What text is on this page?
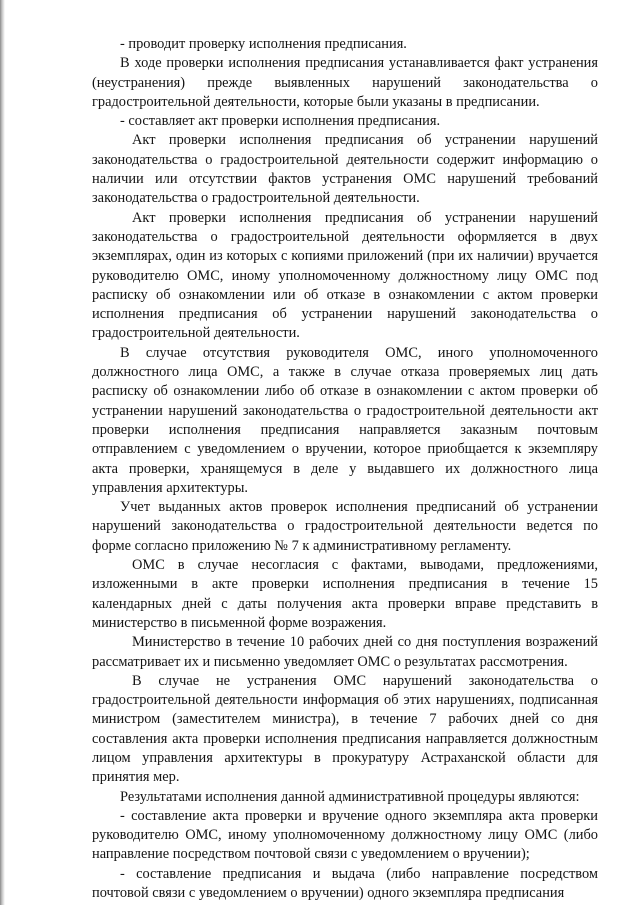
- проводит проверку исполнения предписания.

В ходе проверки исполнения предписания устанавливается факт устранения (неустранения) прежде выявленных нарушений законодательства о градостроительной деятельности, которые были указаны в предписании.

- составляет акт проверки исполнения предписания.

Акт проверки исполнения предписания об устранении нарушений законодательства о градостроительной деятельности содержит информацию о наличии или отсутствии фактов устранения ОМС нарушений требований законодательства о градостроительной деятельности.

Акт проверки исполнения предписания об устранении нарушений законодательства о градостроительной деятельности оформляется в двух экземплярах, один из которых с копиями приложений (при их наличии) вручается руководителю ОМС, иному уполномоченному должностному лицу ОМС под расписку об ознакомлении или об отказе в ознакомлении с актом проверки исполнения предписания об устранении нарушений законодательства о градостроительной деятельности.

В случае отсутствия руководителя ОМС, иного уполномоченного должностного лица ОМС, а также в случае отказа проверяемых лиц дать расписку об ознакомлении либо об отказе в ознакомлении с актом проверки об устранении нарушений законодательства о градостроительной деятельности акт проверки исполнения предписания направляется заказным почтовым отправлением с уведомлением о вручении, которое приобщается к экземпляру акта проверки, хранящемуся в деле у выдавшего их должностного лица управления архитектуры.

Учет выданных актов проверок исполнения предписаний об устранении нарушений законодательства о градостроительной деятельности ведется по форме согласно приложению № 7 к административному регламенту.

ОМС в случае несогласия с фактами, выводами, предложениями, изложенными в акте проверки исполнения предписания в течение 15 календарных дней с даты получения акта проверки вправе представить в министерство в письменной форме возражения.

Министерство в течение 10 рабочих дней со дня поступления возражений рассматривает их и письменно уведомляет ОМС о результатах рассмотрения.

В случае не устранения ОМС нарушений законодательства о градостроительной деятельности информация об этих нарушениях, подписанная министром (заместителем министра), в течение 7 рабочих дней со дня составления акта проверки исполнения предписания направляется должностным лицом управления архитектуры в прокуратуру Астраханской области для принятия мер.

Результатами исполнения данной административной процедуры являются:

- составление акта проверки и вручение одного экземпляра акта проверки руководителю ОМС, иному уполномоченному должностному лицу ОМС (либо направление посредством почтовой связи с уведомлением о вручении);

- составление предписания и выдача (либо направление посредством почтовой связи с уведомлением о вручении) одного экземпляра предписания
